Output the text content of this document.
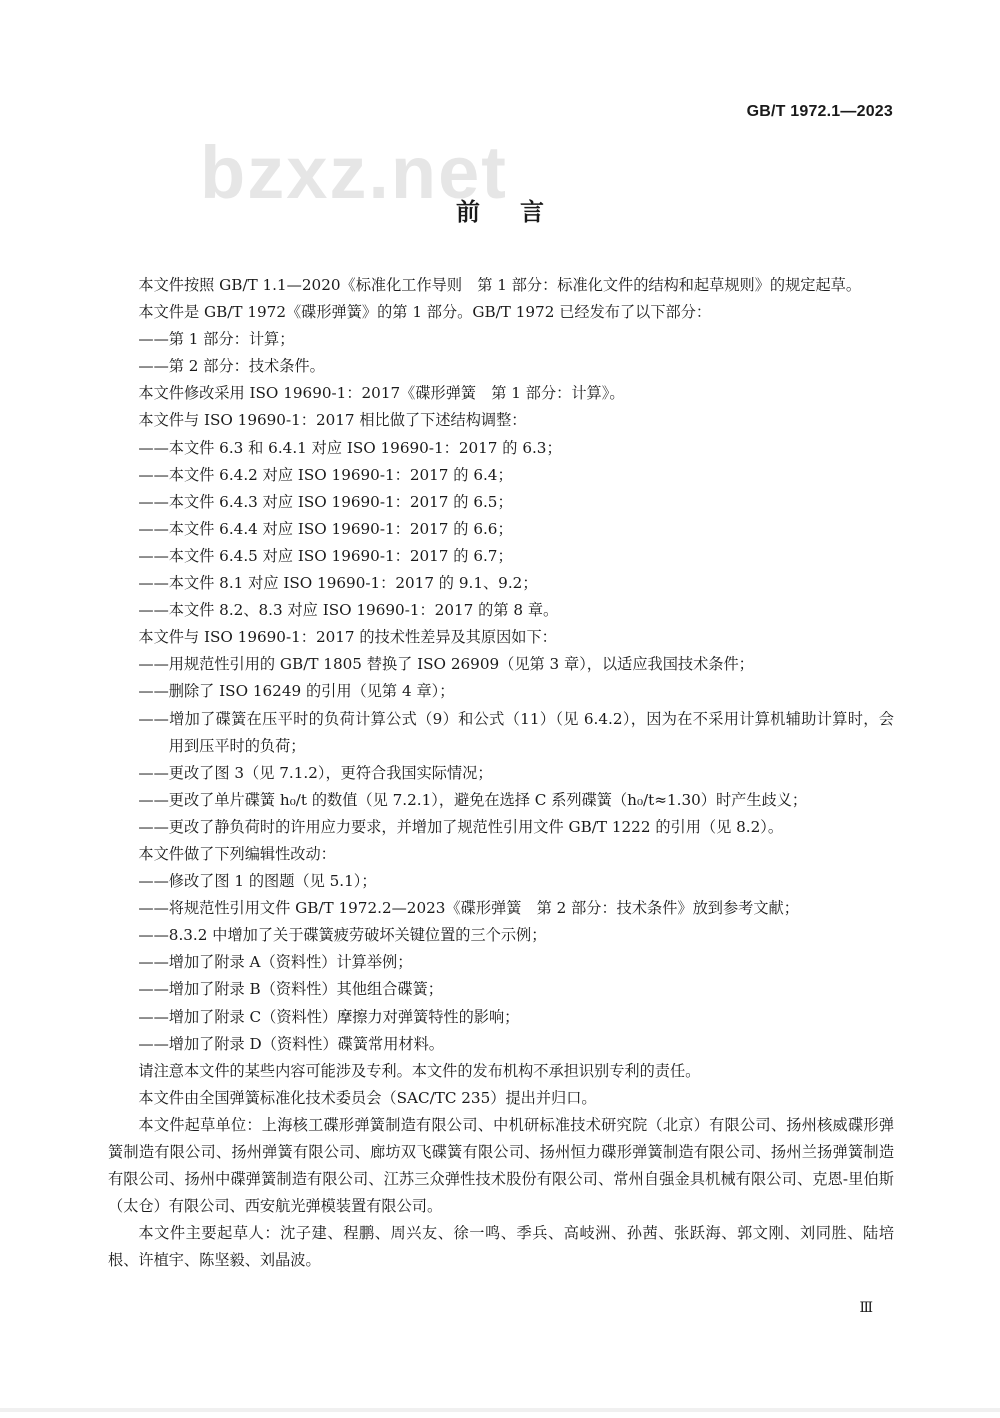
bzxz.net
GB/T 1972.1—2023
前言

本文件按照 GB/T 1.1—2020《标准化工作导则　第 1 部分：标准化文件的结构和起草规则》的规定起草。

本文件是 GB/T 1972《碟形弹簧》的第 1 部分。GB/T 1972 已经发布了以下部分：

——第 1 部分：计算；

——第 2 部分：技术条件。

本文件修改采用 ISO 19690-1：2017《碟形弹簧　第 1 部分：计算》。

本文件与 ISO 19690-1：2017 相比做了下述结构调整：

——本文件 6.3 和 6.4.1 对应 ISO 19690-1：2017 的 6.3；

——本文件 6.4.2 对应 ISO 19690-1：2017 的 6.4；

——本文件 6.4.3 对应 ISO 19690-1：2017 的 6.5；

——本文件 6.4.4 对应 ISO 19690-1：2017 的 6.6；

——本文件 6.4.5 对应 ISO 19690-1：2017 的 6.7；

——本文件 8.1 对应 ISO 19690-1：2017 的 9.1、9.2；

——本文件 8.2、8.3 对应 ISO 19690-1：2017 的第 8 章。

本文件与 ISO 19690-1：2017 的技术性差异及其原因如下：

——用规范性引用的 GB/T 1805 替换了 ISO 26909（见第 3 章），以适应我国技术条件；

——删除了 ISO 16249 的引用（见第 4 章）；

——增加了碟簧在压平时的负荷计算公式（9）和公式（11）（见 6.4.2），因为在不采用计算机辅助计算时，会用到压平时的负荷；

——更改了图 3（见 7.1.2），更符合我国实际情况；

——更改了单片碟簧 h₀/t 的数值（见 7.2.1），避免在选择 C 系列碟簧（h₀/t≈1.30）时产生歧义；

——更改了静负荷时的许用应力要求，并增加了规范性引用文件 GB/T 1222 的引用（见 8.2）。

本文件做了下列编辑性改动：

——修改了图 1 的图题（见 5.1）；

——将规范性引用文件 GB/T 1972.2—2023《碟形弹簧　第 2 部分：技术条件》放到参考文献；

——8.3.2 中增加了关于碟簧疲劳破坏关键位置的三个示例；

——增加了附录 A（资料性）计算举例；

——增加了附录 B（资料性）其他组合碟簧；

——增加了附录 C（资料性）摩擦力对弹簧特性的影响；

——增加了附录 D（资料性）碟簧常用材料。

请注意本文件的某些内容可能涉及专利。本文件的发布机构不承担识别专利的责任。

本文件由全国弹簧标准化技术委员会（SAC/TC 235）提出并归口。

本文件起草单位：上海核工碟形弹簧制造有限公司、中机研标准技术研究院（北京）有限公司、扬州核威碟形弹簧制造有限公司、扬州弹簧有限公司、廊坊双飞碟簧有限公司、扬州恒力碟形弹簧制造有限公司、扬州兰扬弹簧制造有限公司、扬州中碟弹簧制造有限公司、江苏三众弹性技术股份有限公司、常州自强金具机械有限公司、克恩-里伯斯（太仓）有限公司、西安航光弹模装置有限公司。

本文件主要起草人：沈子建、程鹏、周兴友、徐一鸣、季兵、高岐洲、孙茜、张跃海、郭文刚、刘同胜、陆培根、许植宇、陈坚毅、刘晶波。

Ⅲ
